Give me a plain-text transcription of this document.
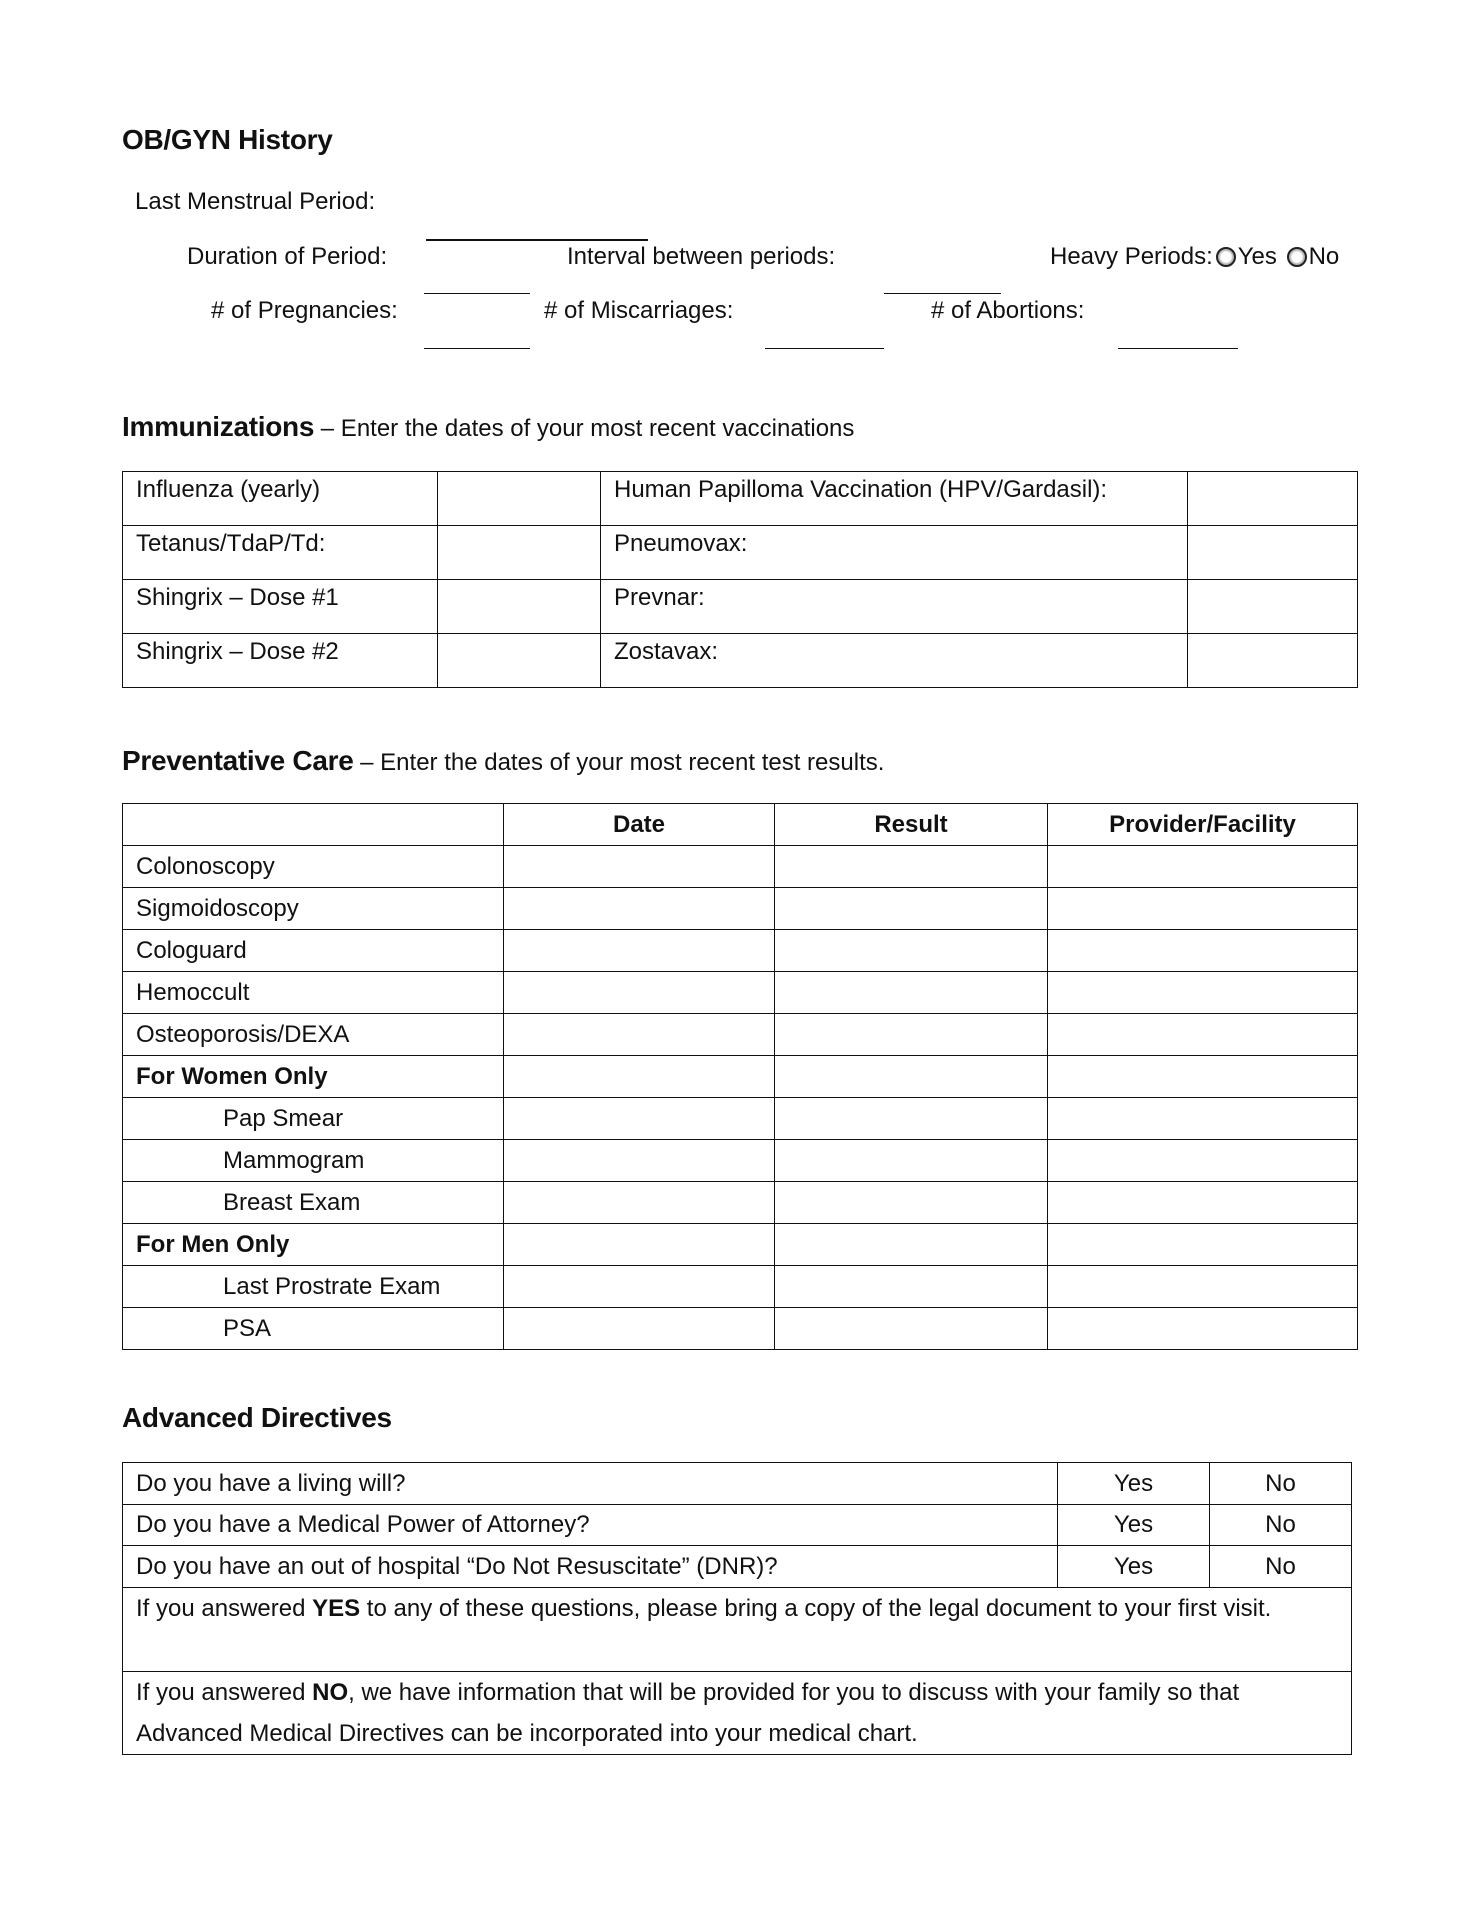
OB/GYN History
Last Menstrual Period:
Duration of Period:	Interval between periods:	Heavy Periods: Yes No
# of Pregnancies:	# of Miscarriages:	# of Abortions:
Immunizations – Enter the dates of your most recent vaccinations
Influenza (yearly)		Human Papilloma Vaccination (HPV/Gardasil):	
Tetanus/TdaP/Td:		Pneumovax:	
Shingrix – Dose #1		Prevnar:	
Shingrix – Dose #2		Zostavax:	
Preventative Care – Enter the dates of your most recent test results.
	Date	Result	Provider/Facility
Colonoscopy			
Sigmoidoscopy			
Cologuard			
Hemoccult			
Osteoporosis/DEXA			
For Women Only			
Pap Smear			
Mammogram			
Breast Exam			
For Men Only			
Last Prostrate Exam			
PSA			
Advanced Directives
Do you have a living will?	Yes	No
Do you have a Medical Power of Attorney?	Yes	No
Do you have an out of hospital “Do Not Resuscitate” (DNR)?	Yes	No
If you answered YES to any of these questions, please bring a copy of the legal document to your first visit.		
If you answered NO, we have information that will be provided for you to discuss with your family so that Advanced Medical Directives can be incorporated into your medical chart.		
